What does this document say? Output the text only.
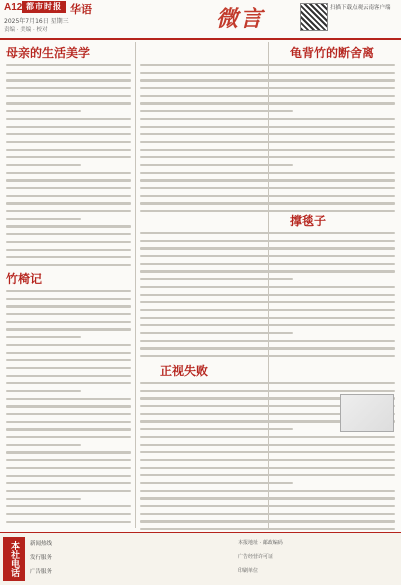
A12 都市时报 华语
2025年7月16日 星期三
责编 · 美编 · 校对	微言	扫描下载点观云南客户端
母亲的生活美学
竹椅记
龟背竹的断舍离
撑毯子
正视失败
本社电话	新闻热线
发行服务
广告服务
本报地址 · 邮政编码
广告经营许可证
印刷单位
